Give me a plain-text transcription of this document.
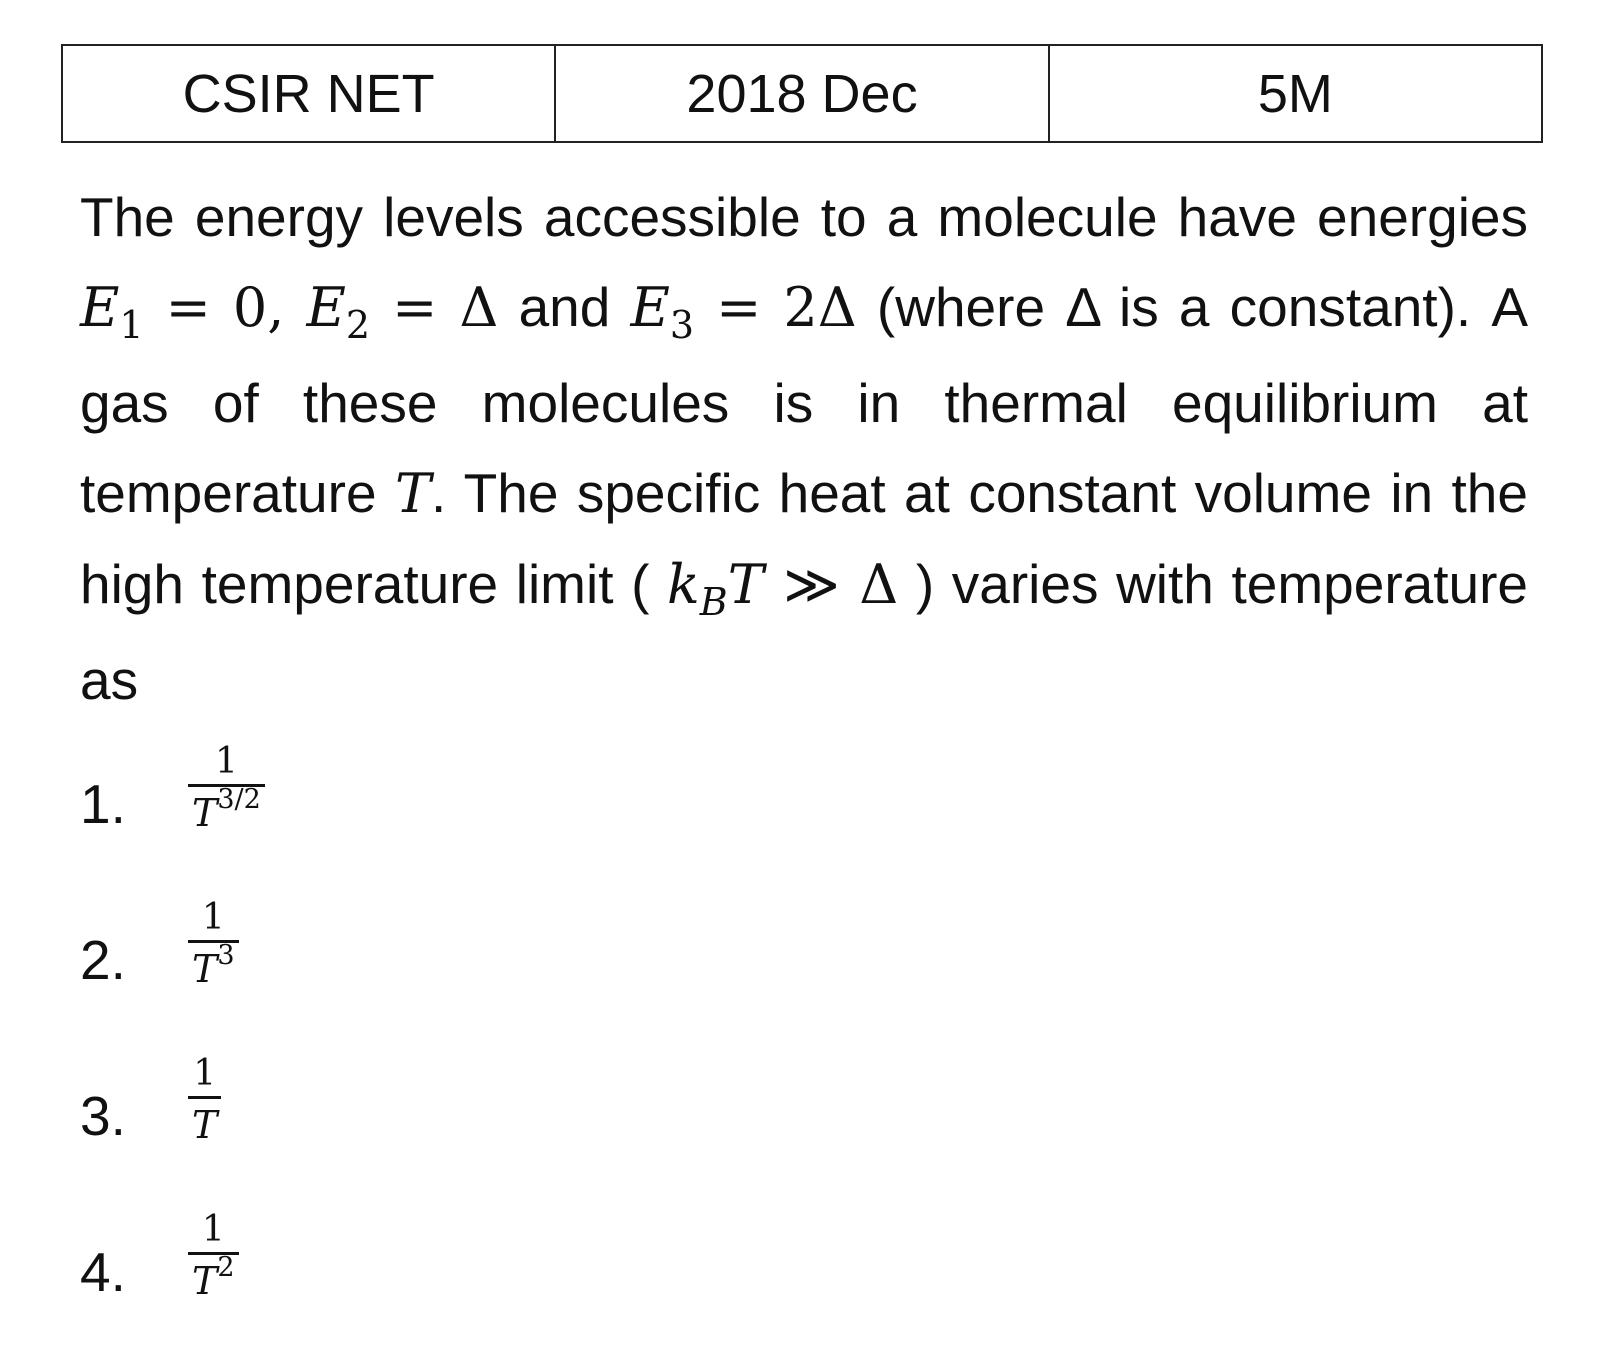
CSIR NET	2018 Dec	5M

The energy levels accessible to a molecule have energies $E_1 = 0$, $E_2 = \Delta$ and $E_3 = 2\Delta$ (where Δ is a constant). A gas of these molecules is in thermal equilibrium at temperature T. The specific heat at constant volume in the high temperature limit ( $k_BT$ ≫ Δ ) varies with temperature as

1.
1
$T^{3/2}$
2.
1
$T^3$
3.
1
T
4.
1
$T^2$
